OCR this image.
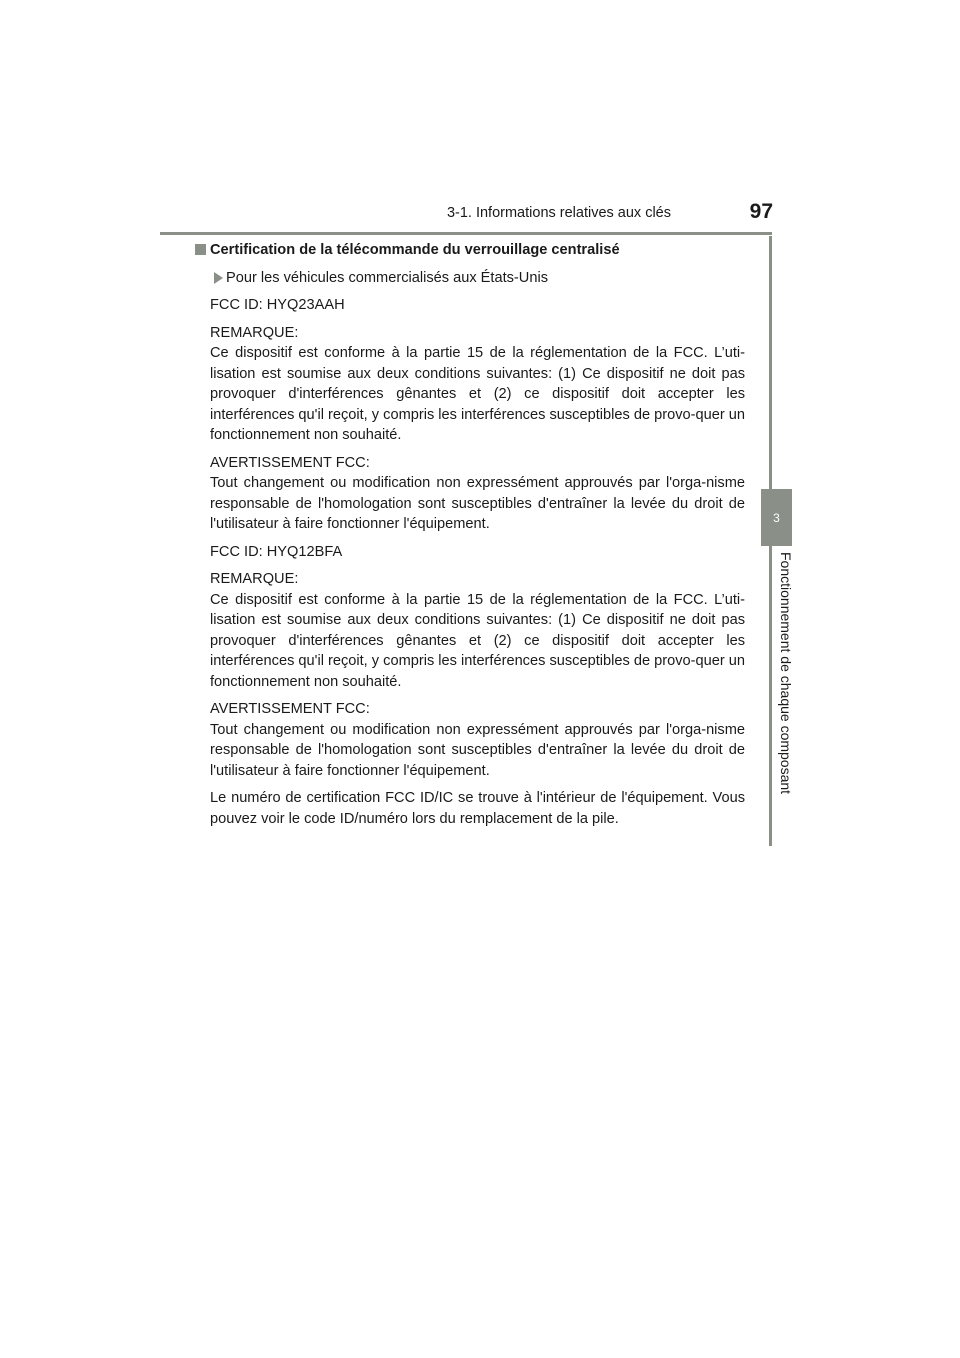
3-1. Informations relatives aux clés	97
3
Fonctionnement de chaque composant
Certification de la télécommande du verrouillage centralisé
Pour les véhicules commercialisés aux États-Unis
FCC ID: HYQ23AAH
REMARQUE:
Ce dispositif est conforme à la partie 15 de la réglementation de la FCC. L’uti-lisation est soumise aux deux conditions suivantes: (1) Ce dispositif ne doit pas provoquer d'interférences gênantes et (2) ce dispositif doit accepter les interférences qu'il reçoit, y compris les interférences susceptibles de provo-quer un fonctionnement non souhaité.
AVERTISSEMENT FCC:
Tout changement ou modification non expressément approuvés par l'orga-nisme responsable de l'homologation sont susceptibles d'entraîner la levée du droit de l'utilisateur à faire fonctionner l'équipement.
FCC ID: HYQ12BFA
REMARQUE:
Ce dispositif est conforme à la partie 15 de la réglementation de la FCC. L’uti-lisation est soumise aux deux conditions suivantes: (1) Ce dispositif ne doit pas provoquer d'interférences gênantes et (2) ce dispositif doit accepter les interférences qu'il reçoit, y compris les interférences susceptibles de provo-quer un fonctionnement non souhaité.
AVERTISSEMENT FCC:
Tout changement ou modification non expressément approuvés par l'orga-nisme responsable de l'homologation sont susceptibles d'entraîner la levée du droit de l'utilisateur à faire fonctionner l'équipement.
Le numéro de certification FCC ID/IC se trouve à l'intérieur de l'équipement. Vous pouvez voir le code ID/numéro lors du remplacement de la pile.
